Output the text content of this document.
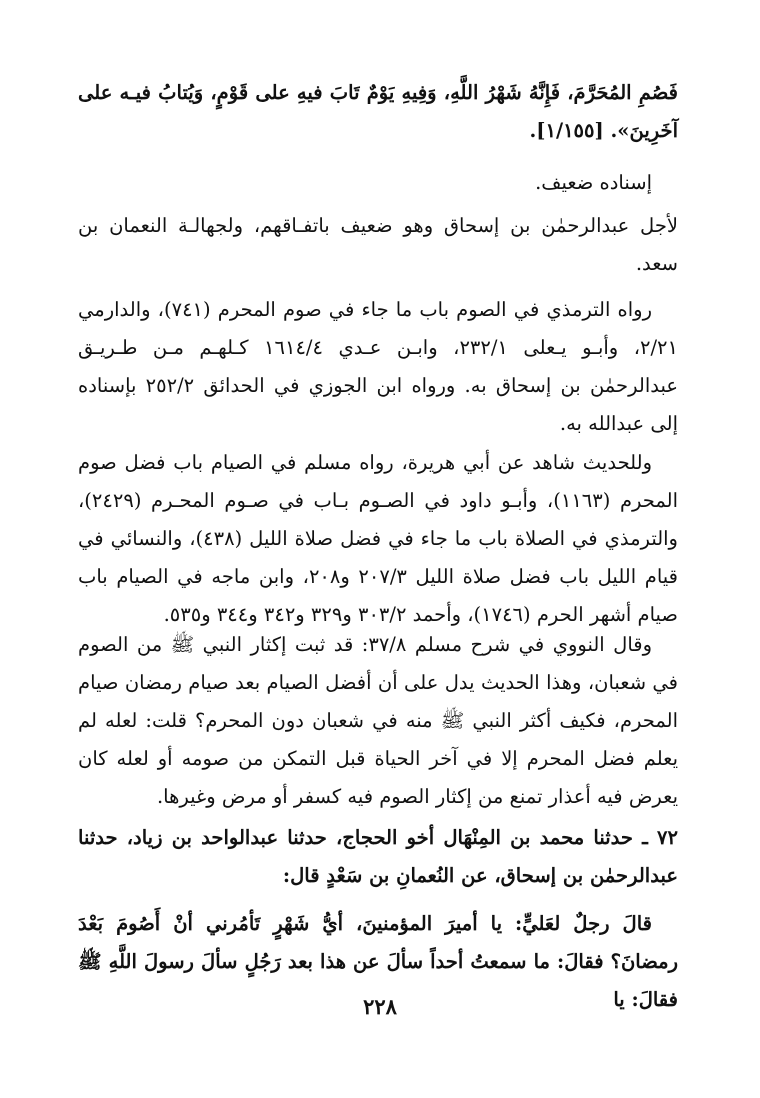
فَصُمِ المُحَرَّمَ، فَإِنَّهُ شَهْرُ اللَّهِ، وَفِيهِ يَوْمٌ تَابَ فيهِ على قَوْمٍ، وَيُتابُ فيـه على آخَرِينَ». [١/١٥٥].

إسناده ضعيف.

لأجل عبدالرحمٰن بن إسحاق وهو ضعيف باتفـاقهم، ولجهالـة النعمان بن سعد.

رواه الترمذي في الصوم باب ما جاء في صوم المحرم (٧٤١)، والدارمي ٢/٢١، وأبـو يـعلى ٢٣٢/١، وابـن عـدي ١٦١٤/٤ كـلهـم مـن طـريـق عبدالرحمٰن بن إسحاق به. ورواه ابن الجوزي في الحدائق ٢٥٢/٢ بإسناده إلى عبدالله به.

وللحديث شاهد عن أبي هريرة، رواه مسلم في الصيام باب فضل صوم المحرم (١١٦٣)، وأبـو داود في الصـوم بـاب في صـوم المحـرم (٢٤٢٩)، والترمذي في الصلاة باب ما جاء في فضل صلاة الليل (٤٣٨)، والنسائي في قيام الليل باب فضل صلاة الليل ٢٠٧/٣ و٢٠٨، وابن ماجه في الصيام باب صيام أشهر الحرم (١٧٤٦)، وأحمد ٣٠٣/٢ و٣٢٩ و٣٤٢ و٣٤٤ و٥٣٥.

وقال النووي في شرح مسلم ٣٧/٨: قد ثبت إكثار النبي ﷺ من الصوم في شعبان، وهذا الحديث يدل على أن أفضل الصيام بعد صيام رمضان صيام المحرم، فكيف أكثر النبي ﷺ منه في شعبان دون المحرم؟ قلت: لعله لم يعلم فضل المحرم إلا في آخر الحياة قبل التمكن من صومه أو لعله كان يعرض فيه أعذار تمنع من إكثار الصوم فيه كسفر أو مرض وغيرها.

٧٢ ـ حدثنا محمد بن المِنْهَال أخو الحجاج، حدثنا عبدالواحد بن زياد، حدثنا عبدالرحمٰن بن إسحاق، عن النُعمانِ بن سَعْدٍ قال:

قالَ رجلٌ لعَليٍّ: يا أميرَ المؤمنينَ، أيُّ شَهْرٍ تَأمُرني أنْ أَصُومَ بَعْدَ رمضانَ؟ فقالَ: ما سمعتُ أحداً سألَ عن هذا بعد رَجُلٍ سألَ رسولَ اللَّهِ ﷺ فقالَ: يا

٢٢٨
